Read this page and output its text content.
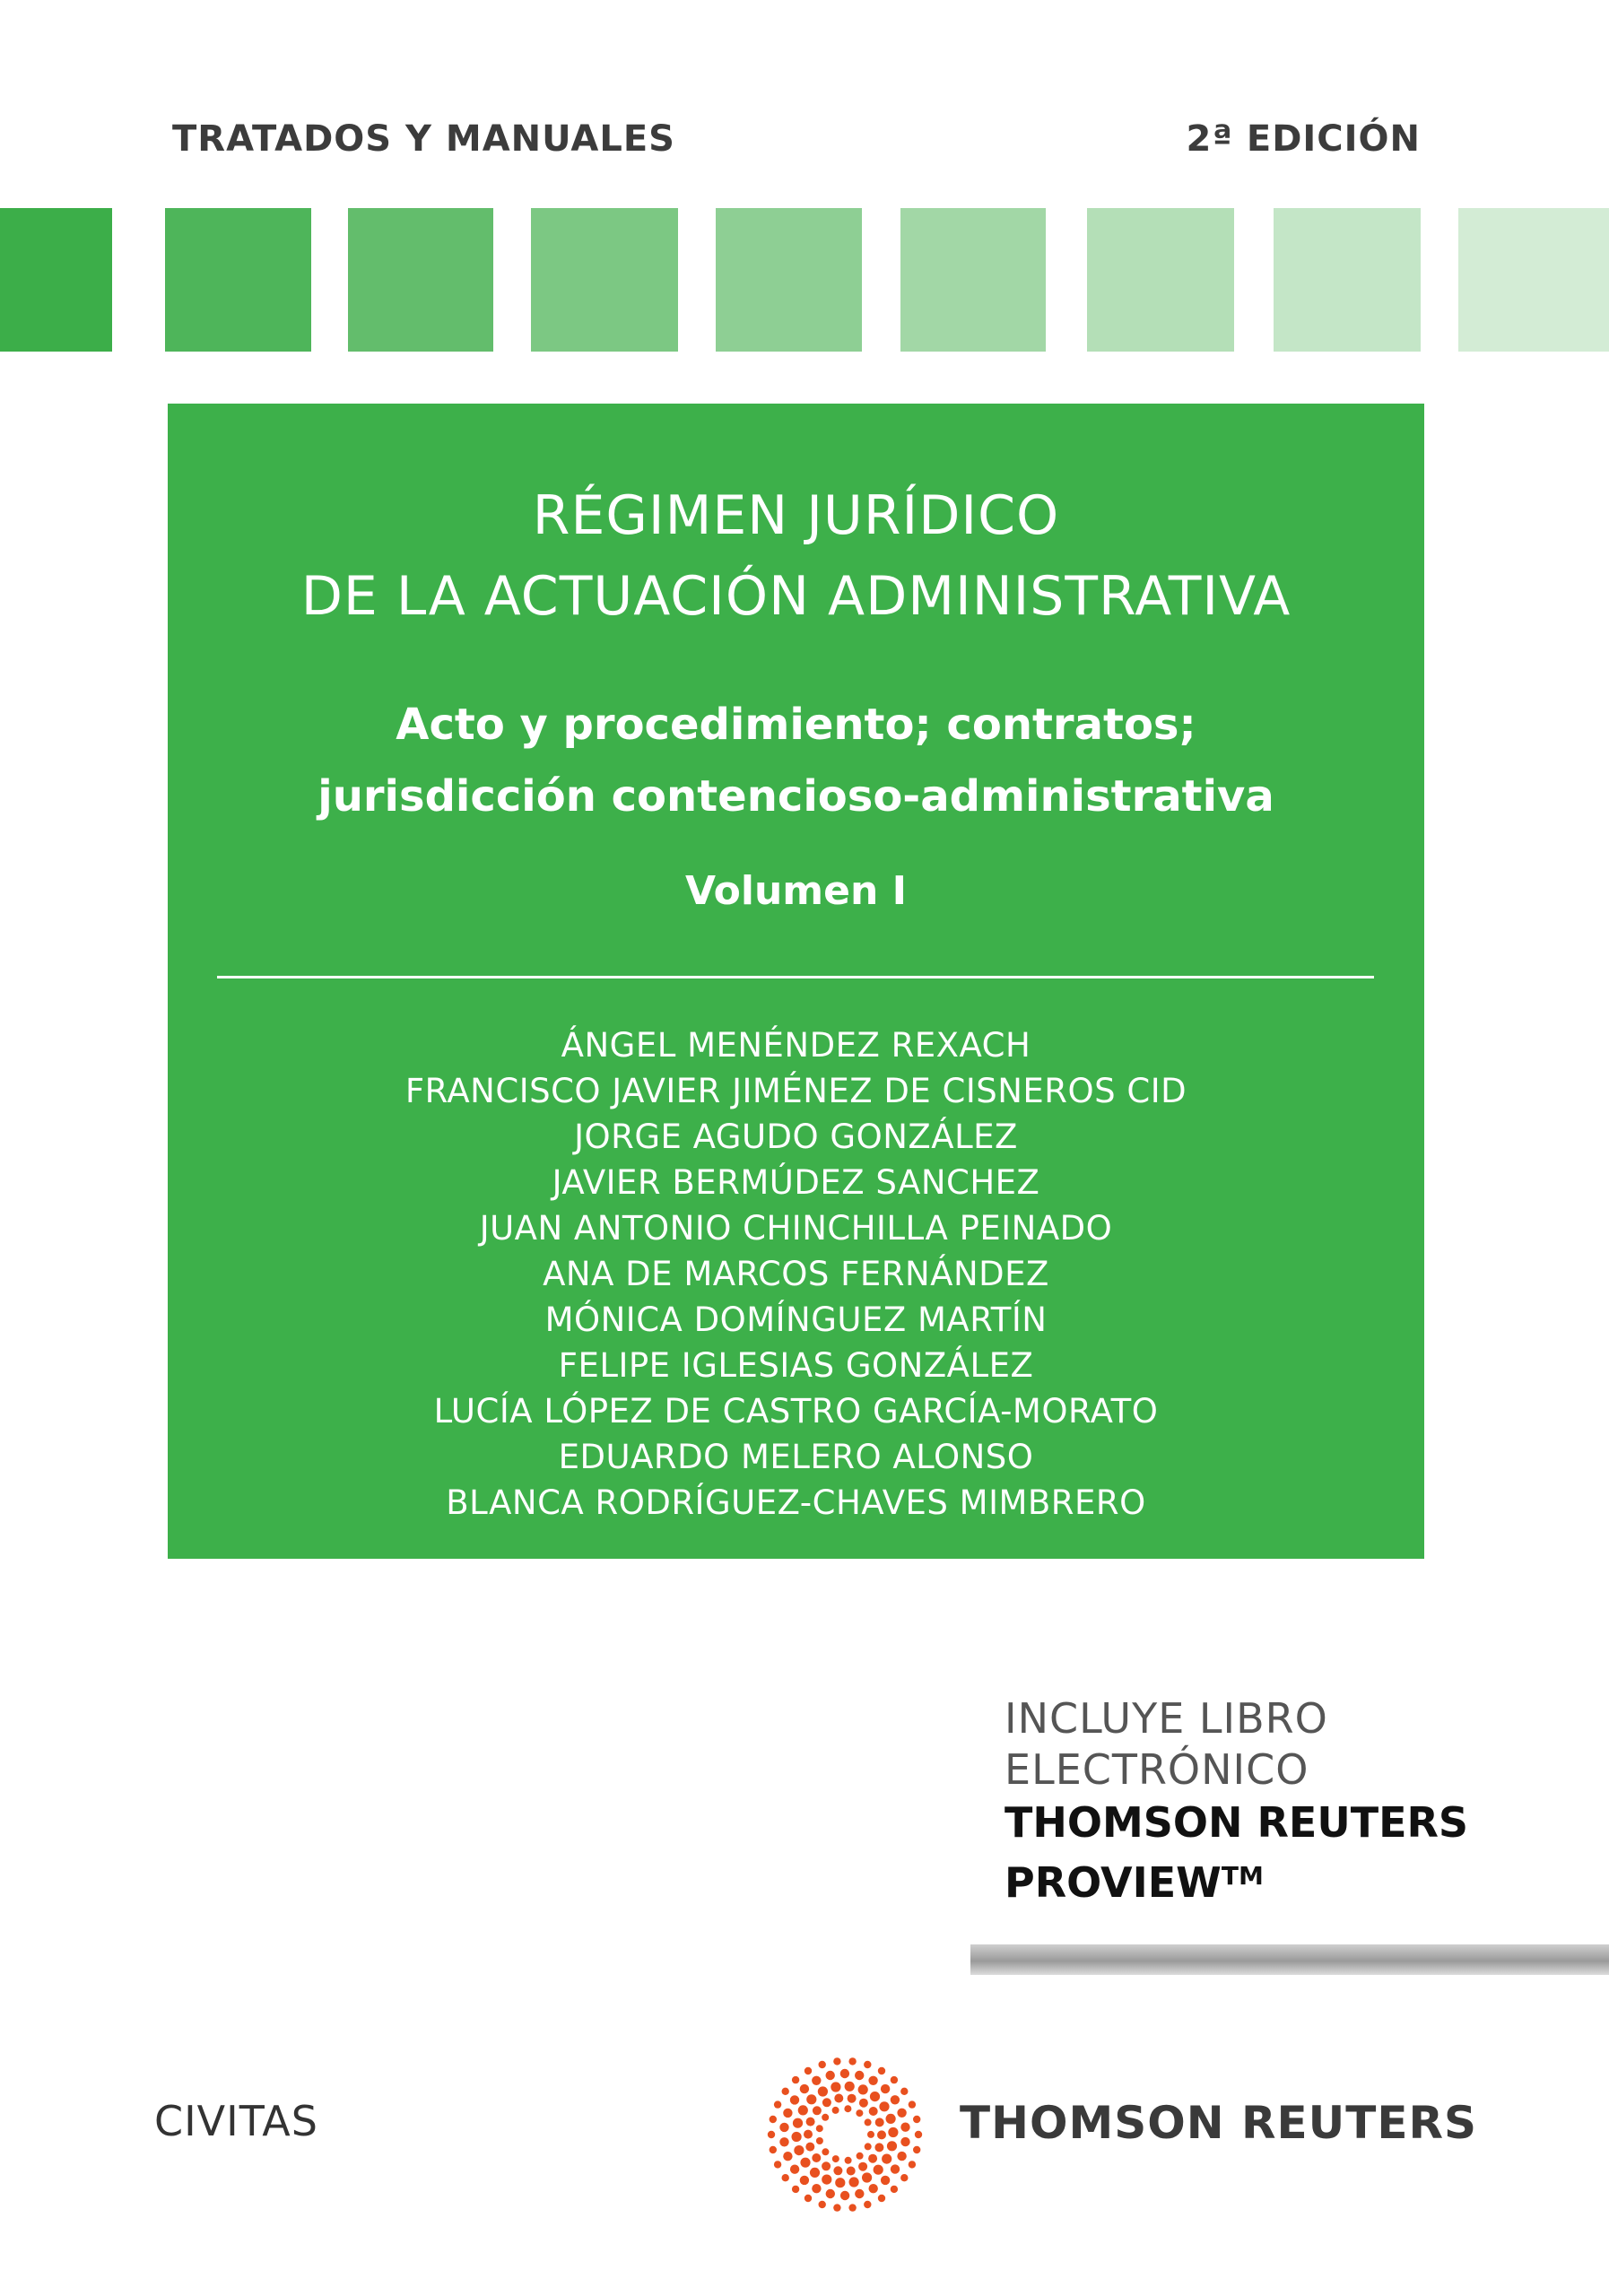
TRATADOS Y MANUALES	2ª EDICIÓN
RÉGIMEN JURÍDICO
DE LA ACTUACIÓN ADMINISTRATIVA
Acto y procedimiento; contratos;
jurisdicción contencioso-administrativa
Volumen I
ÁNGEL MENÉNDEZ REXACH
FRANCISCO JAVIER JIMÉNEZ DE CISNEROS CID
JORGE AGUDO GONZÁLEZ
JAVIER BERMÚDEZ SANCHEZ
JUAN ANTONIO CHINCHILLA PEINADO
ANA DE MARCOS FERNÁNDEZ
MÓNICA DOMÍNGUEZ MARTÍN
FELIPE IGLESIAS GONZÁLEZ
LUCÍA LÓPEZ DE CASTRO GARCÍA-MORATO
EDUARDO MELERO ALONSO
BLANCA RODRÍGUEZ-CHAVES MIMBRERO
INCLUYE LIBRO
ELECTRÓNICO
THOMSON REUTERS
PROVIEW™
CIVITAS	THOMSON REUTERS
